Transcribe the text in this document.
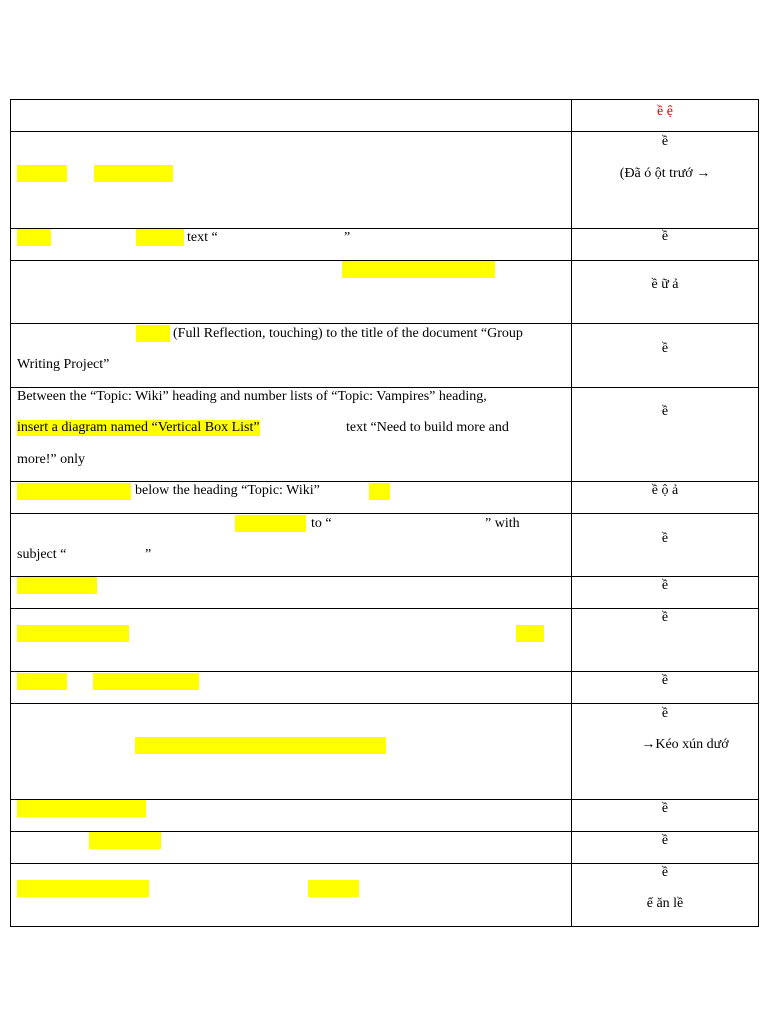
	ề ệ

	ề
(Đã ó ột trướ →

text “ ”	ề

	ề ữ ả

(Full Reflection, touching) to the title of the document “Group
Writing Project”	ề

Between the “Topic: Wiki” heading and number lists of “Topic: Vampires” heading,
insert a diagram named “Vertical Box List” text “Need to build more and
more!” only	ề

below the heading “Topic: Wiki”	ề ộ ả

to “ ” with
subject “ ”	ề

	ề

	ề

	ề

	ề
→Kéo xún dướ

	ề

	ề

	ề
ể ăn lề
